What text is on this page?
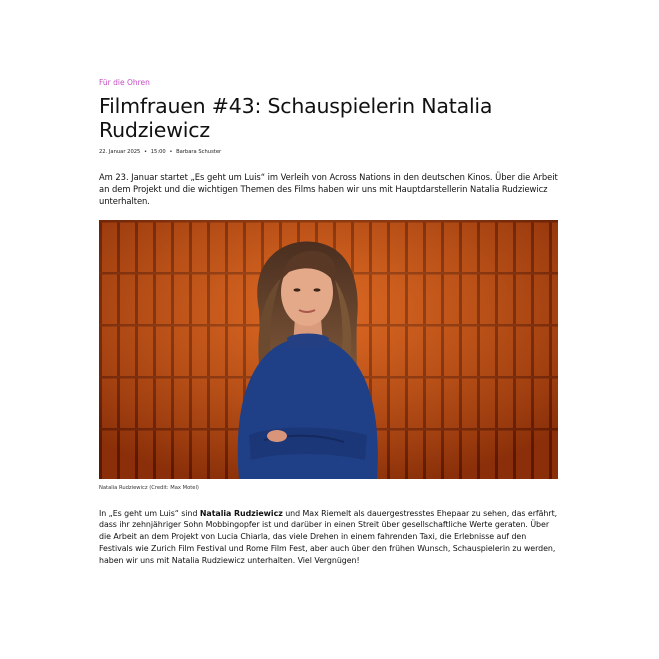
Für die Ohren
Filmfrauen #43: Schauspielerin Natalia Rudziewicz
22. Januar 2025 • 15:00 • Barbara Schuster

Am 23. Januar startet „Es geht um Luis“ im Verleih von Across Nations in den deutschen Kinos. Über die Arbeit an dem Projekt und die wichtigen Themen des Films haben wir uns mit Hauptdarstellerin Natalia Rudziewicz unterhalten.

Natalia Rudziewicz (Credit: Max Motel)

In „Es geht um Luis“ sind Natalia Rudziewicz und Max Riemelt als dauergestresstes Ehepaar zu sehen, das erfährt, dass ihr zehnjähriger Sohn Mobbingopfer ist und darüber in einen Streit über gesellschaftliche Werte geraten. Über die Arbeit an dem Projekt von Lucia Chiarla, das viele Drehen in einem fahrenden Taxi, die Erlebnisse auf den Festivals wie Zurich Film Festival und Rome Film Fest, aber auch über den frühen Wunsch, Schauspielerin zu werden, haben wir uns mit Natalia Rudziewicz unterhalten. Viel Vergnügen!
